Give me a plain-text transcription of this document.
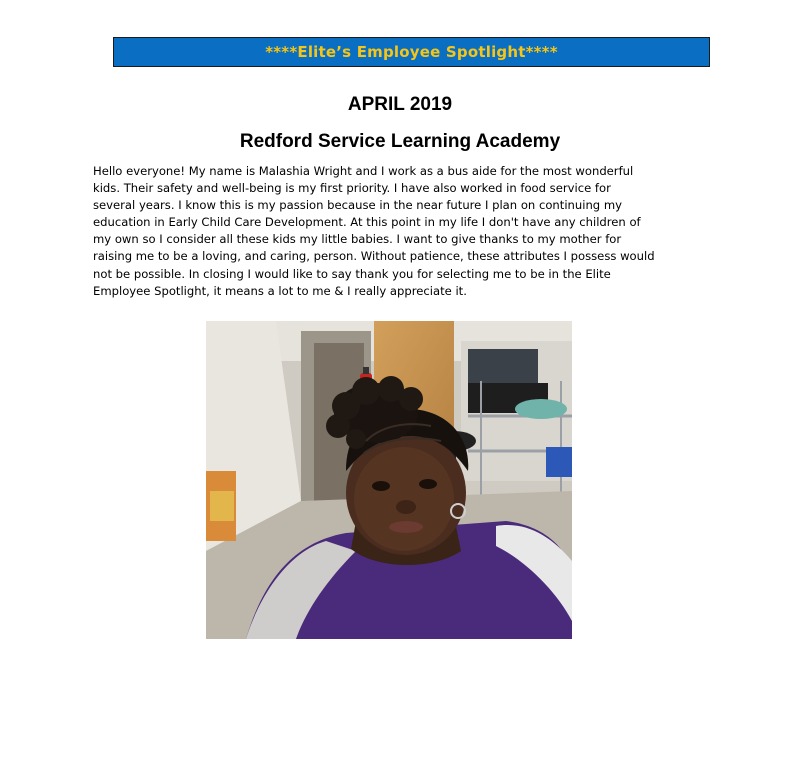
****Elite’s Employee Spotlight****
APRIL 2019
Redford Service Learning Academy

Hello everyone! My name is Malashia Wright and I work as a bus aide for the most wonderful
kids. Their safety and well-being is my first priority. I have also worked in food service for
several years. I know this is my passion because in the near future I plan on continuing my
education in Early Child Care Development. At this point in my life I don't have any children of
my own so I consider all these kids my little babies. I want to give thanks to my mother for
raising me to be a loving, and caring, person. Without patience, these attributes I possess would
not be possible. In closing I would like to say thank you for selecting me to be in the Elite
Employee Spotlight, it means a lot to me & I really appreciate it.
